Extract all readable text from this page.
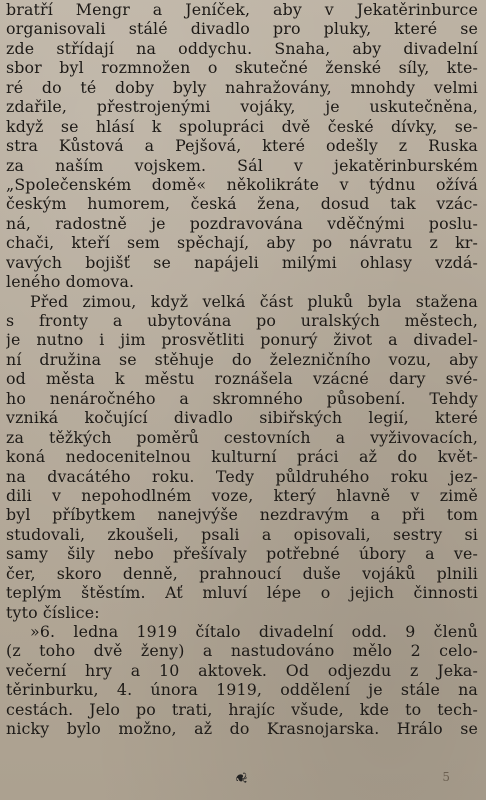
bratří Mengr a Jeníček, aby v Jekatěrinburce
organisovali stálé divadlo pro pluky, které se
zde střídají na oddychu. Snaha, aby divadelní
sbor byl rozmnožen o skutečné ženské síly, kte-
ré do té doby byly nahražovány, mnohdy velmi
zdařile, přestrojenými vojáky, je uskutečněna,
když se hlásí k spolupráci dvě české dívky, se-
stra Kůstová a Pejšová, které odešly z Ruska
za naším vojskem. Sál v jekatěrinburském
„Společenském domě« několikráte v týdnu ožívá
českým humorem, česká žena, dosud tak vzác-
ná, radostně je pozdravována vděčnými poslu-
chači, kteří sem spěchají, aby po návratu z kr-
vavých bojišť se napájeli milými ohlasy vzdá-
leného domova.
Před zimou, když velká část pluků byla stažena
s fronty a ubytována po uralských městech,
je nutno i jim prosvětliti ponurý život a divadel-
ní družina se stěhuje do železničního vozu, aby
od města k městu roznášela vzácné dary své-
ho nenáročného a skromného působení. Tehdy
vzniká kočující divadlo sibiřských legií, které
za těžkých poměrů cestovních a vyživovacích,
koná nedocenitelnou kulturní práci až do květ-
na dvacátého roku. Tedy půldruhého roku jez-
dili v nepohodlném voze, který hlavně v zimě
byl příbytkem nanejvýše nezdravým a při tom
studovali, zkoušeli, psali a opisovali, sestry si
samy šily nebo přešívaly potřebné úbory a ve-
čer, skoro denně, prahnoucí duše vojáků plnili
teplým štěstím. Ať mluví lépe o jejich činnosti
tyto číslice:
»6. ledna 1919 čítalo divadelní odd. 9 členů
(z toho dvě ženy) a nastudováno mělo 2 celo-
večerní hry a 10 aktovek. Od odjezdu z Jeka-
těrinburku, 4. února 1919, oddělení je stále na
cestách. Jelo po trati, hrajíc všude, kde to tech-
nicky bylo možno, až do Krasnojarska. Hrálo se
❦	5
